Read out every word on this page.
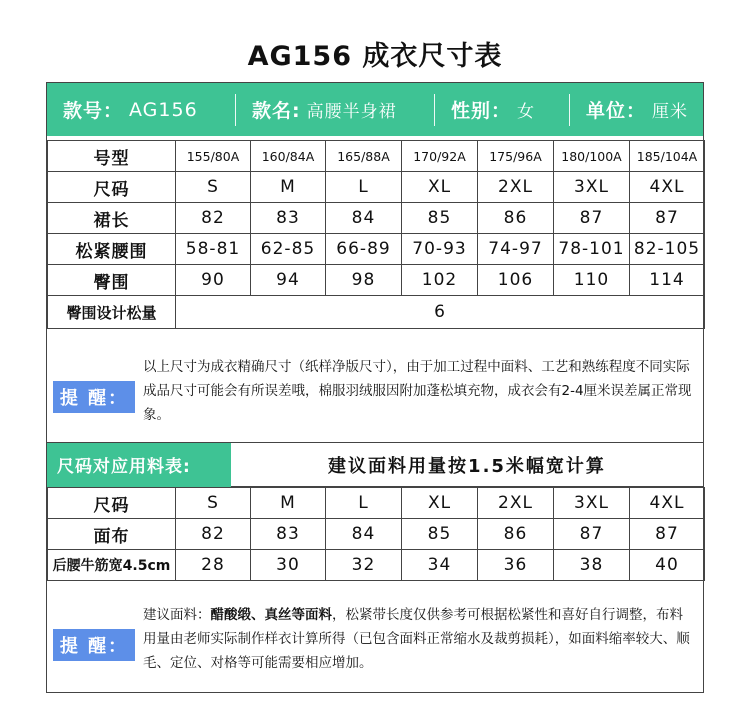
AG156 成衣尺寸表
款号： AG156	款名: 高腰半身裙	性别： 女	单位： 厘米
号型	155/80A	160/84A	165/88A	170/92A	175/96A	180/100A	185/104A
尺码	S	M	L	XL	2XL	3XL	4XL
裙长	82	83	84	85	86	87	87
松紧腰围	58-81	62-85	66-89	70-93	74-97	78-101	82-105
臀围	90	94	98	102	106	110	114
臀围设计松量	6						
提 醒：
以上尺寸为成衣精确尺寸（纸样净版尺寸），由于加工过程中面料、工艺和熟练程度不同实际成品尺寸可能会有所误差哦，棉服羽绒服因附加蓬松填充物，成衣会有2-4厘米误差属正常现象。
尺码对应用料表:	建议面料用量按1.5米幅宽计算
尺码	S	M	L	XL	2XL	3XL	4XL
面布	82	83	84	85	86	87	87
后腰牛筋宽4.5cm	28	30	32	34	36	38	40
提 醒：
建议面料：醋酸缎、真丝等面料，松紧带长度仅供参考可根据松紧性和喜好自行调整，布料用量由老师实际制作样衣计算所得（已包含面料正常缩水及裁剪损耗），如面料缩率较大、顺毛、定位、对格等可能需要相应增加。
